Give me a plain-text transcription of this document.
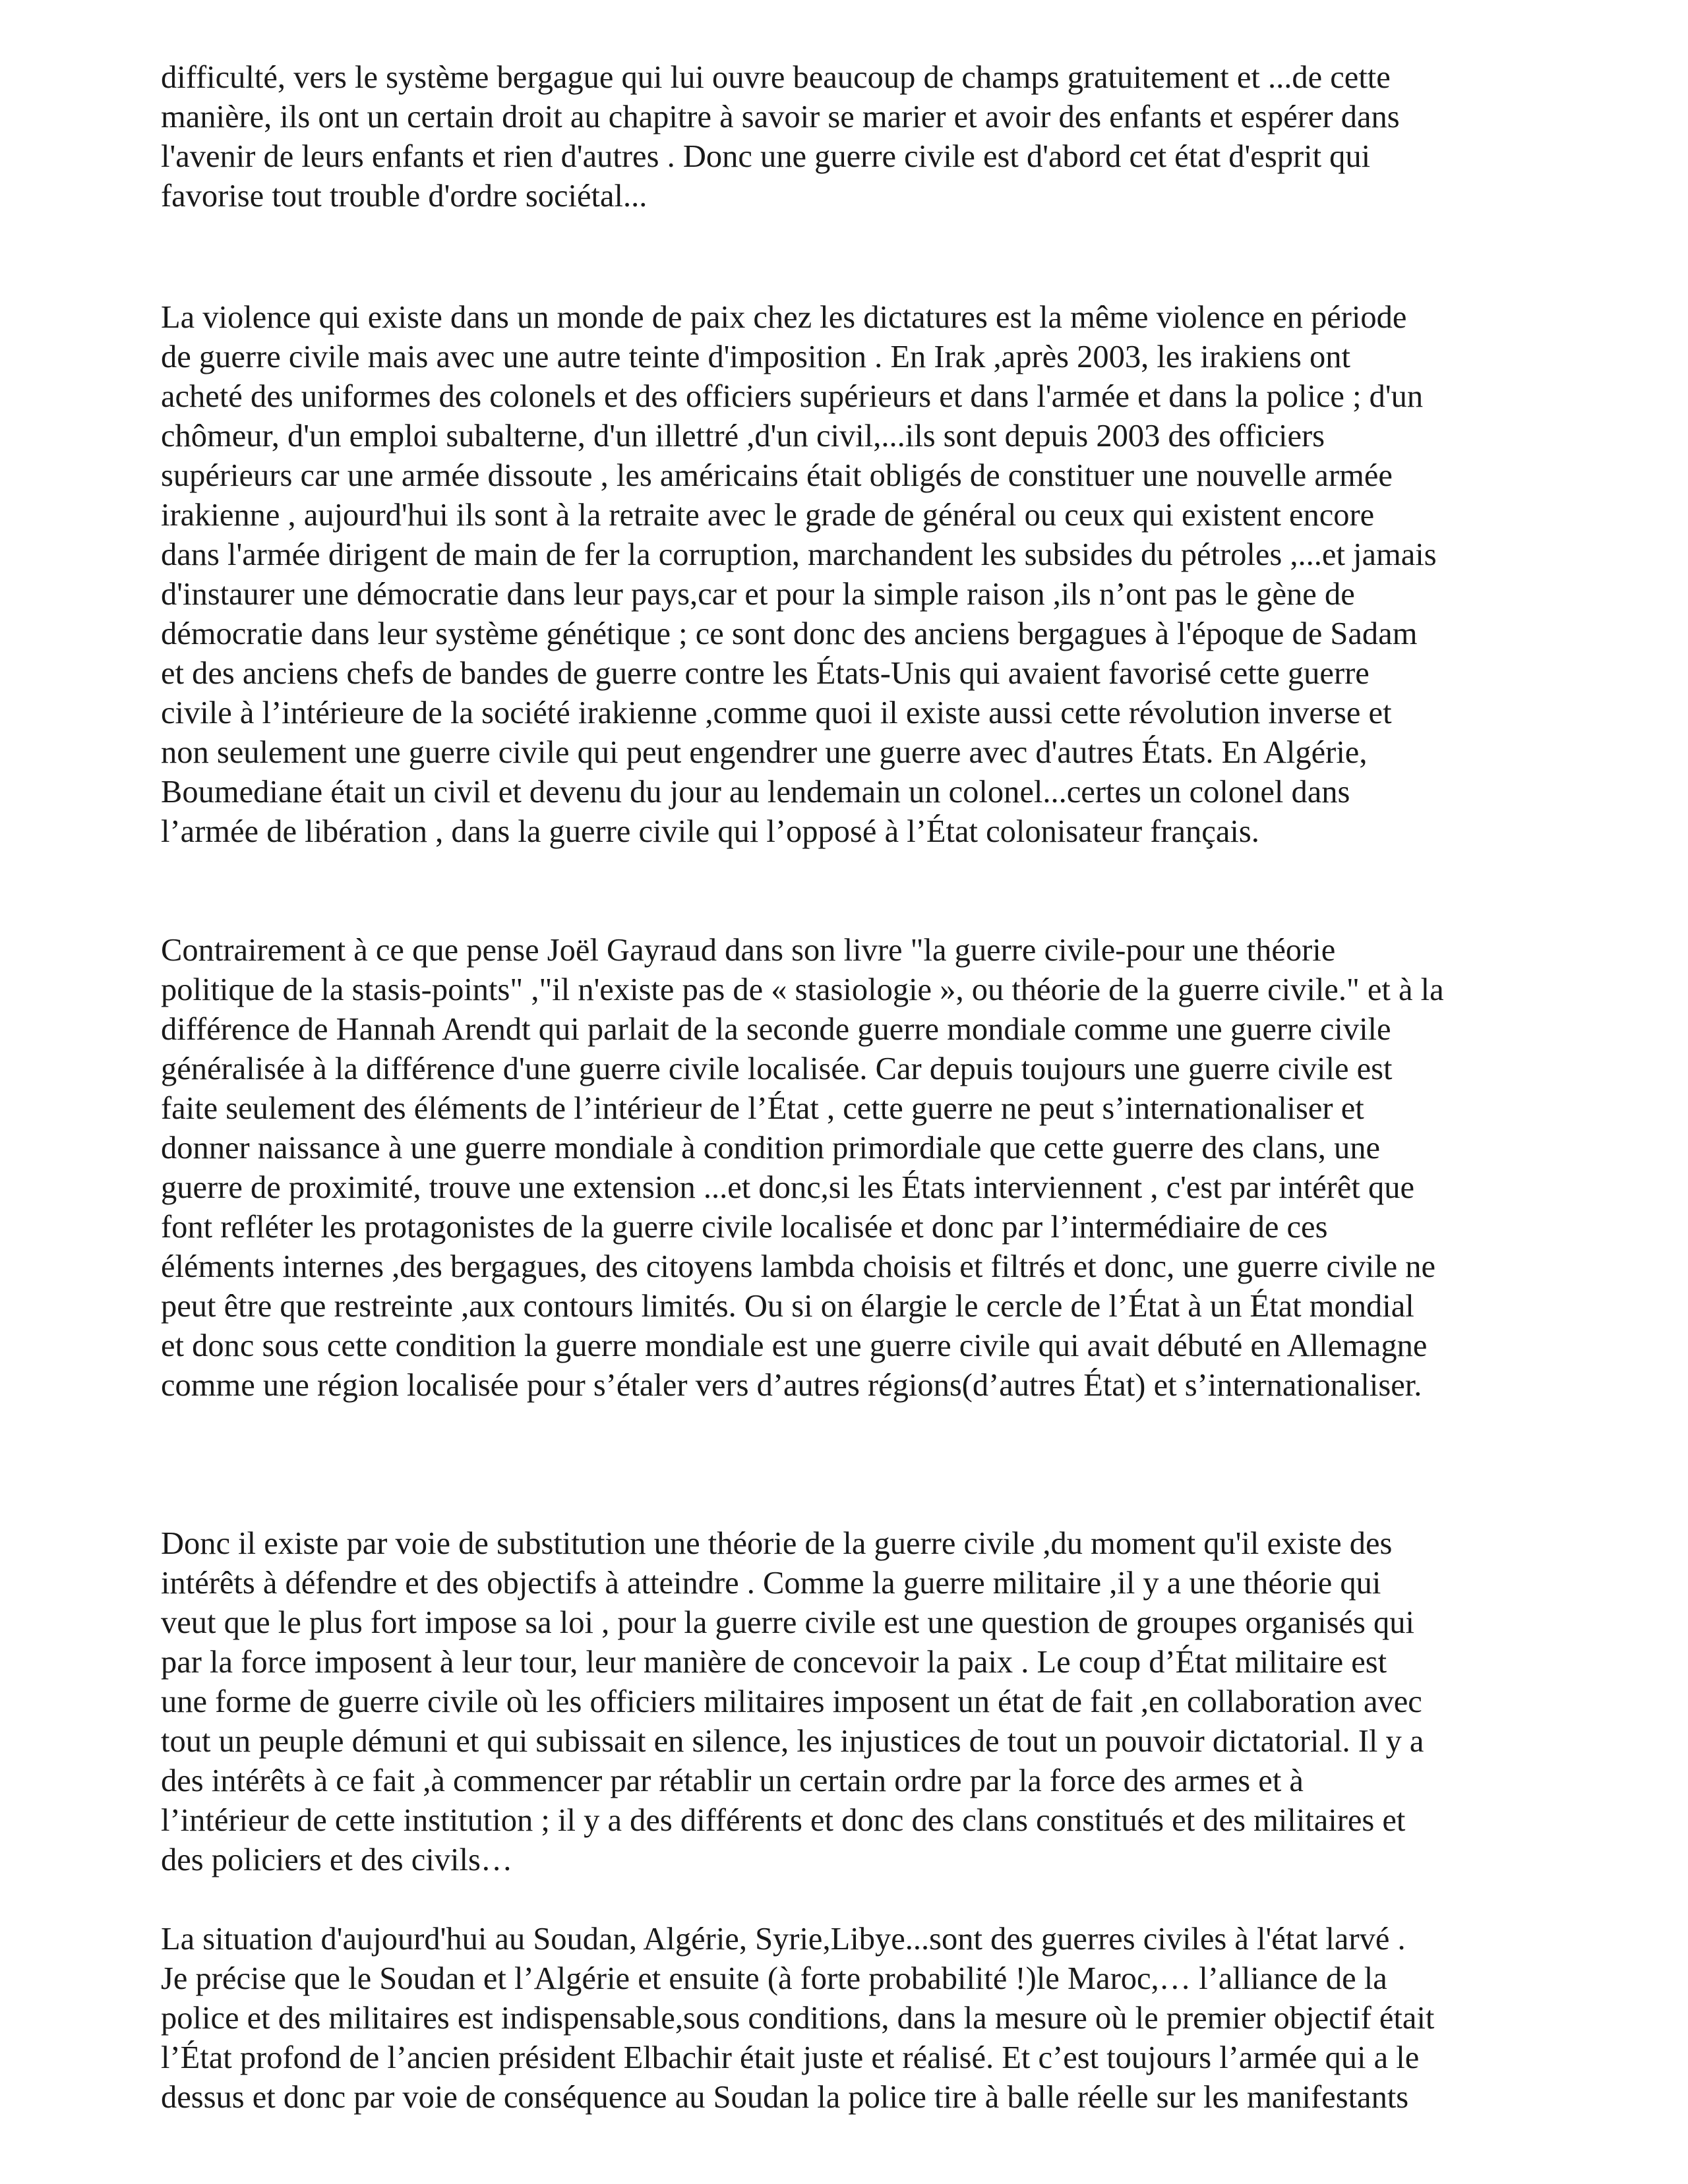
difficulté, vers le système bergague qui lui ouvre beaucoup de champs gratuitement et ...de cette
manière, ils ont un certain droit au chapitre à savoir se marier et avoir des enfants et espérer dans
l'avenir de leurs enfants et rien d'autres . Donc une guerre civile est d'abord cet état d'esprit qui
favorise tout trouble d'ordre sociétal...
La violence qui existe dans un monde de paix chez les dictatures est la même violence en période
de guerre civile mais avec une autre teinte d'imposition . En Irak ,après 2003, les irakiens ont
acheté des uniformes des colonels et des officiers supérieurs et dans l'armée et dans la police ; d'un
chômeur, d'un emploi subalterne, d'un illettré ,d'un civil,...ils sont depuis 2003 des officiers
supérieurs car une armée dissoute , les américains était obligés de constituer une nouvelle armée
irakienne , aujourd'hui ils sont à la retraite avec le grade de général ou ceux qui existent encore
dans l'armée dirigent de main de fer la corruption, marchandent les subsides du pétroles ,...et jamais
d'instaurer une démocratie dans leur pays,car et pour la simple raison ,ils n’ont pas le gène de
démocratie dans leur système génétique ; ce sont donc des anciens bergagues à l'époque de Sadam
et des anciens chefs de bandes de guerre contre les États-Unis qui avaient favorisé cette guerre
civile à l’intérieure de la société irakienne ,comme quoi il existe aussi cette révolution inverse et
non seulement une guerre civile qui peut engendrer une guerre avec d'autres États. En Algérie,
Boumediane était un civil et devenu du jour au lendemain un colonel...certes un colonel dans
l’armée de libération , dans la guerre civile qui l’opposé à l’État colonisateur français.
Contrairement à ce que pense Joël Gayraud dans son livre "la guerre civile-pour une théorie
politique de la stasis-points" ,"il n'existe pas de « stasiologie », ou théorie de la guerre civile." et à la
différence de Hannah Arendt qui parlait de la seconde guerre mondiale comme une guerre civile
généralisée à la différence d'une guerre civile localisée. Car depuis toujours une guerre civile est
faite seulement des éléments de l’intérieur de l’État , cette guerre ne peut s’internationaliser et
donner naissance à une guerre mondiale à condition primordiale que cette guerre des clans, une
guerre de proximité, trouve une extension ...et donc,si les États interviennent , c'est par intérêt que
font refléter les protagonistes de la guerre civile localisée et donc par l’intermédiaire de ces
éléments internes ,des bergagues, des citoyens lambda choisis et filtrés et donc, une guerre civile ne
peut être que restreinte ,aux contours limités. Ou si on élargie le cercle de l’État à un État mondial
et donc sous cette condition la guerre mondiale est une guerre civile qui avait débuté en Allemagne
comme une région localisée pour s’étaler vers d’autres régions(d’autres État) et s’internationaliser.
Donc il existe par voie de substitution une théorie de la guerre civile ,du moment qu'il existe des
intérêts à défendre et des objectifs à atteindre . Comme la guerre militaire ,il y a une théorie qui
veut que le plus fort impose sa loi , pour la guerre civile est une question de groupes organisés qui
par la force imposent à leur tour, leur manière de concevoir la paix . Le coup d’État militaire est
une forme de guerre civile où les officiers militaires imposent un état de fait ,en collaboration avec
tout un peuple démuni et qui subissait en silence, les injustices de tout un pouvoir dictatorial. Il y a
des intérêts à ce fait ,à commencer par rétablir un certain ordre par la force des armes et à
l’intérieur de cette institution ; il y a des différents et donc des clans constitués et des militaires et
des policiers et des civils…
La situation d'aujourd'hui au Soudan, Algérie, Syrie,Libye...sont des guerres civiles à l'état larvé .
Je précise que le Soudan et l’Algérie et ensuite (à forte probabilité !)le Maroc,… l’alliance de la
police et des militaires est indispensable,sous conditions, dans la mesure où le premier objectif était
l’État profond de l’ancien président Elbachir était juste et réalisé. Et c’est toujours l’armée qui a le
dessus et donc par voie de conséquence au Soudan la police tire à balle réelle sur les manifestants
